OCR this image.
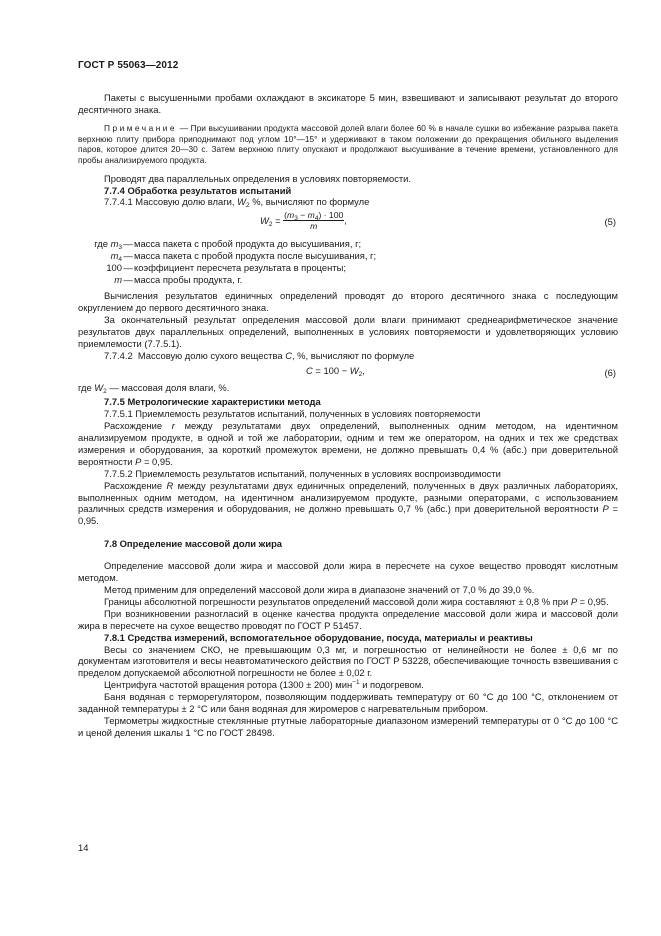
ГОСТ Р 55063—2012

Пакеты с высушенными пробами охлаждают в эксикаторе 5 мин, взвешивают и записывают результат до второго десятичного знака.

Примечание — При высушивании продукта массовой долей влаги более 60 % в начале сушки во избежание разрыва пакета верхнюю плиту прибора приподнимают под углом 10°—15° и удерживают в таком положении до прекращения обильного выделения паров, которое длится 20—30 с. Затем верхнюю плиту опускают и продолжают высушивание в течение времени, установленного для пробы анализируемого продукта.

Проводят два параллельных определения в условиях повторяемости.

7.7.4 Обработка результатов испытаний

7.7.4.1 Массовую долю влаги, $W_2$ %, вычисляют по формуле

$W_2 = \frac{(m_3 - m_4) \cdot 100}{m}$ ,	(5)
где $m_3$ — масса пакета с пробой продукта до высушивания, г;
$m_4$ — масса пакета с пробой продукта после высушивания, г;
100 — коэффициент пересчета результата в проценты;
m — масса пробы продукта, г.

Вычисления результатов единичных определений проводят до второго десятичного знака с последующим округлением до первого десятичного знака.

За окончательный результат определения массовой доли влаги принимают среднеарифметическое значение результатов двух параллельных определений, выполненных в условиях повторяемости и удовлетворяющих условию приемлемости (7.7.5.1).

7.7.4.2  Массовую долю сухого вещества C, %, вычисляют по формуле

$C = 100 - W_2$,	(6)

где $W_2$ — массовая доля влаги, %.

7.7.5 Метрологические характеристики метода

7.7.5.1 Приемлемость результатов испытаний, полученных в условиях повторяемости

Расхождение r между результатами двух определений, выполненных одним методом, на идентичном анализируемом продукте, в одной и той же лаборатории, одним и тем же оператором, на одних и тех же средствах измерения и оборудования, за короткий промежуток времени, не должно превышать 0,4 % (абс.) при доверительной вероятности P = 0,95.

7.7.5.2 Приемлемость результатов испытаний, полученных в условиях воспроизводимости

Расхождение R между результатами двух единичных определений, полученных в двух различных лабораториях, выполненных одним методом, на идентичном анализируемом продукте, разными операторами, с использованием различных средств измерения и оборудования, не должно превышать 0,7 % (абс.) при доверительной вероятности P = 0,95.

7.8 Определение массовой доли жира

Определение массовой доли жира и массовой доли жира в пересчете на сухое вещество проводят кислотным методом.

Метод применим для определений массовой доли жира в диапазоне значений от 7,0 % до 39,0 %.

Границы абсолютной погрешности результатов определений массовой доли жира составляют ± 0,8 % при P = 0,95.

При возникновении разногласий в оценке качества продукта определение массовой доли жира и массовой доли жира в пересчете на сухое вещество проводят по ГОСТ Р 51457.

7.8.1 Средства измерений, вспомогательное оборудование, посуда, материалы и реактивы

Весы со значением СКО, не превышающим 0,3 мг, и погрешностью от нелинейности не более ± 0,6 мг по документам изготовителя и весы неавтоматического действия по ГОСТ Р 53228, обеспечивающие точность взвешивания с пределом допускаемой абсолютной погрешности не более ± 0,02 г.

Центрифуга частотой вращения ротора (1300 ± 200) мин$^{-1}$ и подогревом.

Баня водяная с терморегулятором, позволяющим поддерживать температуру от 60 °С до 100 °С, отклонением от заданной температуры ± 2 °С или баня водяная для жиромеров с нагревательным прибором.

Термометры жидкостные стеклянные ртутные лабораторные диапазоном измерений температуры от 0 °С до 100 °С и ценой деления шкалы 1 °С по ГОСТ 28498.

14
